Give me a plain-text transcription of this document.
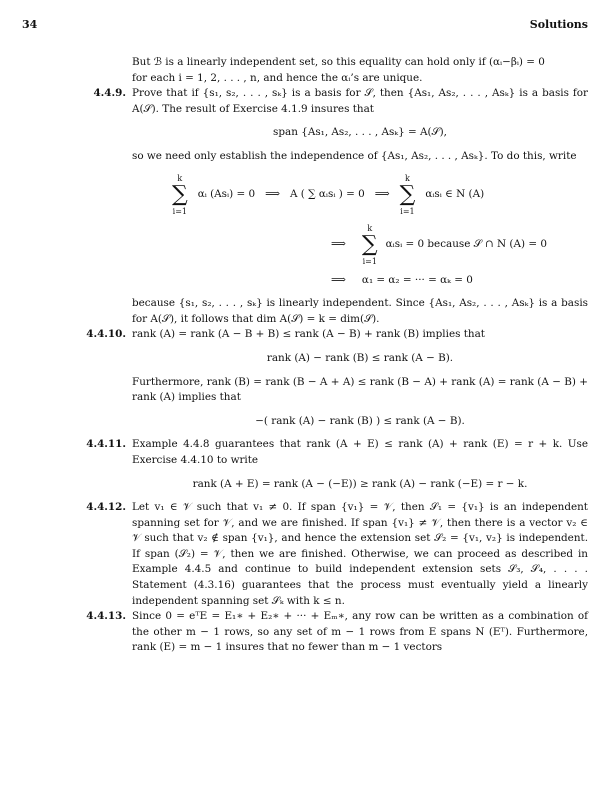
34	Solutions
But ℬ is a linearly independent set, so this equality can hold only if (αᵢ−βᵢ) = 0
for each i = 1, 2, . . . , n, and hence the αᵢ’s are unique.
4.4.9. Prove that if {s₁, s₂, . . . , sₖ} is a basis for 𝒮, then {As₁, As₂, . . . , Asₖ} is a basis for A(𝒮). The result of Exercise 4.1.9 insures that
span {As₁, As₂, . . . , Asₖ} = A(𝒮),
so we need only establish the independence of {As₁, As₂, . . . , Asₖ}. To do this, write
k
∑
i=1
αᵢ (Asᵢ) = 0 ⟹ A ( ∑ αᵢsᵢ ) = 0 ⟹
k
∑
i=1
αᵢsᵢ ∈ N (A)
⟹
k
∑
i=1
αᵢsᵢ = 0 because 𝒮 ∩ N (A) = 0
⟹	α₁ = α₂ = ··· = αₖ = 0
because {s₁, s₂, . . . , sₖ} is linearly independent. Since {As₁, As₂, . . . , Asₖ} is a basis for A(𝒮), it follows that dim A(𝒮) = k = dim(𝒮).
4.4.10. rank (A) = rank (A − B + B) ≤ rank (A − B) + rank (B) implies that
rank (A) − rank (B) ≤ rank (A − B).
Furthermore, rank (B) = rank (B − A + A) ≤ rank (B − A) + rank (A) = rank (A − B) + rank (A) implies that
−( rank (A) − rank (B) ) ≤ rank (A − B).
4.4.11. Example 4.4.8 guarantees that rank (A + E) ≤ rank (A) + rank (E) = r + k. Use Exercise 4.4.10 to write
rank (A + E) = rank (A − (−E)) ≥ rank (A) − rank (−E) = r − k.
4.4.12. Let v₁ ∈ 𝒱 such that v₁ ≠ 0. If span {v₁} = 𝒱, then 𝒮₁ = {v₁} is an independent spanning set for 𝒱, and we are finished. If span {v₁} ≠ 𝒱, then there is a vector v₂ ∈ 𝒱 such that v₂ ∉ span {v₁}, and hence the extension set 𝒮₂ = {v₁, v₂} is independent. If span (𝒮₂) = 𝒱, then we are finished. Otherwise, we can proceed as described in Example 4.4.5 and continue to build independent extension sets 𝒮₃, 𝒮₄, . . . . Statement (4.3.16) guarantees that the process must eventually yield a linearly independent spanning set 𝒮ₖ with k ≤ n.
4.4.13. Since 0 = eᵀE = E₁∗ + E₂∗ + ··· + Eₘ∗, any row can be written as a combination of the other m − 1 rows, so any set of m − 1 rows from E spans N (Eᵀ). Furthermore, rank (E) = m − 1 insures that no fewer than m − 1 vectors
